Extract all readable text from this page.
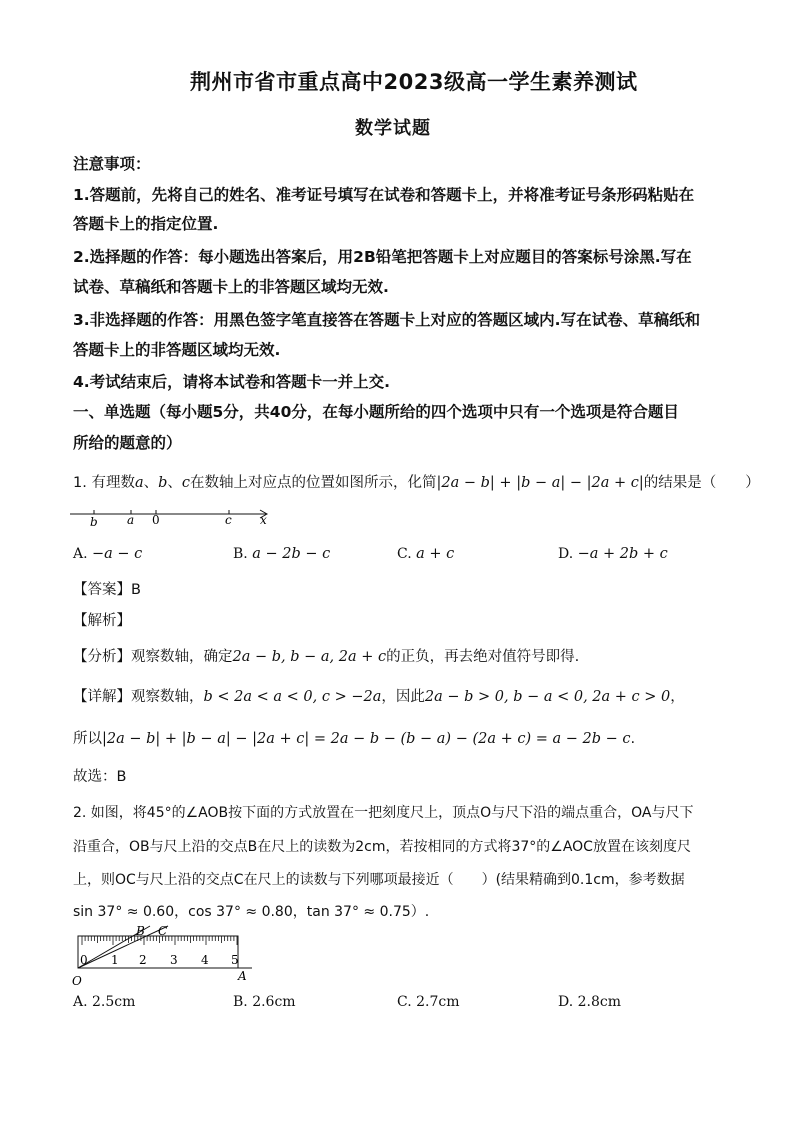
荆州市省市重点高中2023级高一学生素养测试
数学试题
注意事项：
1.答题前，先将自己的姓名、准考证号填写在试卷和答题卡上，并将准考证号条形码粘贴在
答题卡上的指定位置.
2.选择题的作答：每小题选出答案后，用2B铅笔把答题卡上对应题目的答案标号涂黑.写在
试卷、草稿纸和答题卡上的非答题区域均无效.
3.非选择题的作答：用黑色签字笔直接答在答题卡上对应的答题区域内.写在试卷、草稿纸和
答题卡上的非答题区域均无效.
4.考试结束后，请将本试卷和答题卡一并上交.
一、单选题（每小题5分，共40分，在每小题所给的四个选项中只有一个选项是符合题目
所给的题意的）
1. 有理数a、b、c在数轴上对应点的位置如图所示，化简|2a − b| + |b − a| − |2a + c|的结果是（　　）
b a 0	c x
A. −a − c	B. a − 2b − c	C. a + c	D. −a + 2b + c
【答案】B
【解析】
【分析】观察数轴，确定2a − b, b − a, 2a + c的正负，再去绝对值符号即得.
【详解】观察数轴，b < 2a < a < 0, c > −2a，因此2a − b > 0, b − a < 0, 2a + c > 0，
所以|2a − b| + |b − a| − |2a + c| = 2a − b − (b − a) − (2a + c) = a − 2b − c.
故选：B
2. 如图，将45°的∠AOB按下面的方式放置在一把刻度尺上，顶点O与尺下沿的端点重合，OA与尺下
沿重合，OB与尺上沿的交点B在尺上的读数为2cm，若按相同的方式将37°的∠AOC放置在该刻度尺
上，则OC与尺上沿的交点C在尺上的读数与下列哪项最接近（　　）(结果精确到0.1cm，参考数据
sin 37° ≈ 0.60，cos 37° ≈ 0.80，tan 37° ≈ 0.75）.
B C
O	A
0 1 2 3 4 5
A. 2.5cm	B. 2.6cm	C. 2.7cm	D. 2.8cm
